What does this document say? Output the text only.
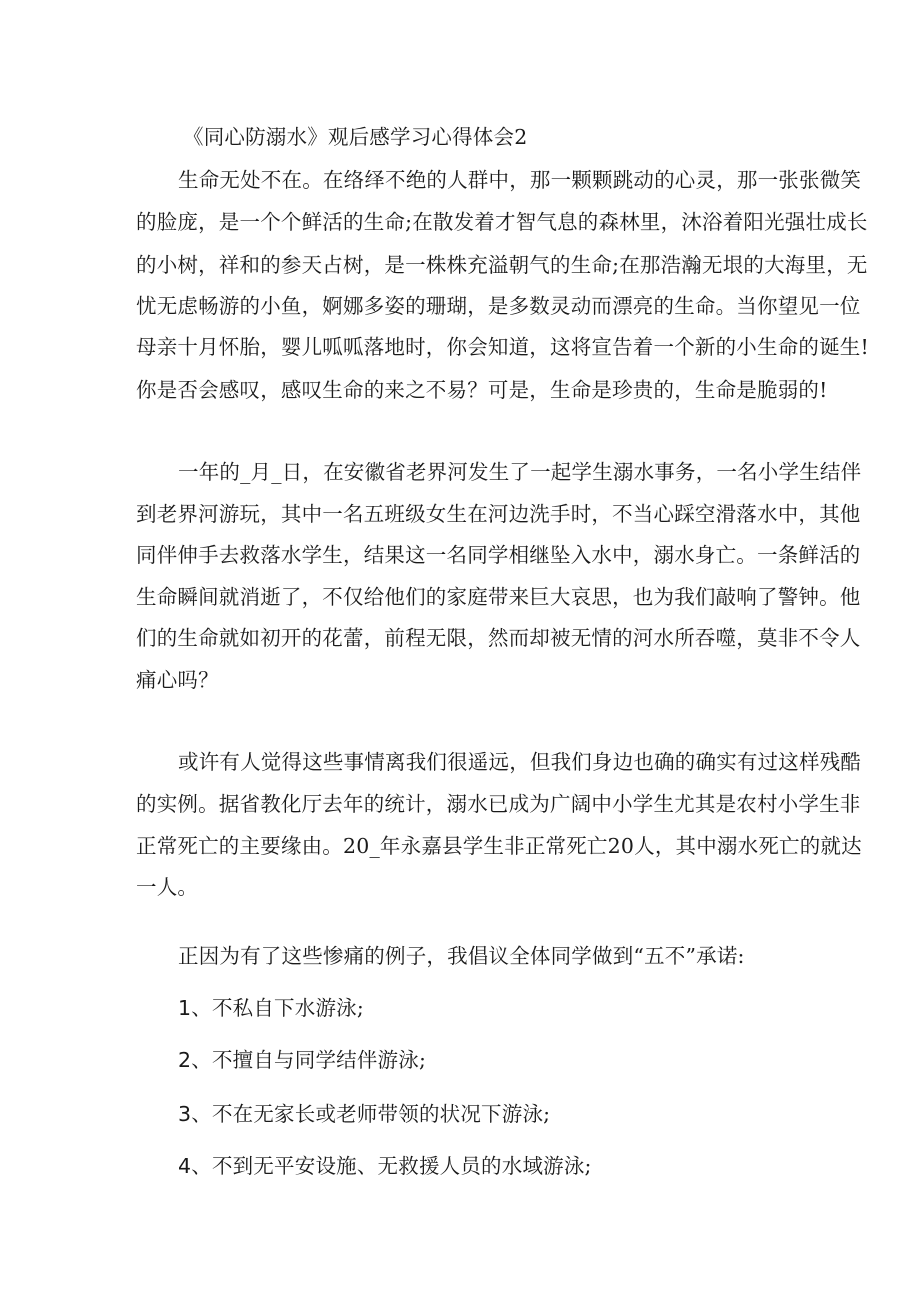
《同心防溺水》观后感学习心得体会2
生命无处不在。在络绎不绝的人群中，那一颗颗跳动的心灵，那一张张微笑
的脸庞，是一个个鲜活的生命;在散发着才智气息的森林里，沐浴着阳光强壮成长
的小树，祥和的参天占树，是一株株充溢朝气的生命;在那浩瀚无垠的大海里，无
忧无虑畅游的小鱼，婀娜多姿的珊瑚，是多数灵动而漂亮的生命。当你望见一位
母亲十月怀胎，婴儿呱呱落地时，你会知道，这将宣告着一个新的小生命的诞生!
你是否会感叹，感叹生命的来之不易？可是，生命是珍贵的，生命是脆弱的!
一年的_月_日，在安徽省老界河发生了一起学生溺水事务，一名小学生结伴
到老界河游玩，其中一名五班级女生在河边洗手时，不当心踩空滑落水中，其他
同伴伸手去救落水学生，结果这一名同学相继坠入水中，溺水身亡。一条鲜活的
生命瞬间就消逝了，不仅给他们的家庭带来巨大哀思，也为我们敲响了警钟。他
们的生命就如初开的花蕾，前程无限，然而却被无情的河水所吞噬，莫非不令人
痛心吗？
或许有人觉得这些事情离我们很遥远，但我们身边也确的确实有过这样残酷
的实例。据省教化厅去年的统计，溺水已成为广阔中小学生尤其是农村小学生非
正常死亡的主要缘由。20_年永嘉县学生非正常死亡20人，其中溺水死亡的就达
一人。
正因为有了这些惨痛的例子，我倡议全体同学做到“五不”承诺:
1、不私自下水游泳;
2、不擅自与同学结伴游泳;
3、不在无家长或老师带领的状况下游泳;
4、不到无平安设施、无救援人员的水域游泳;
